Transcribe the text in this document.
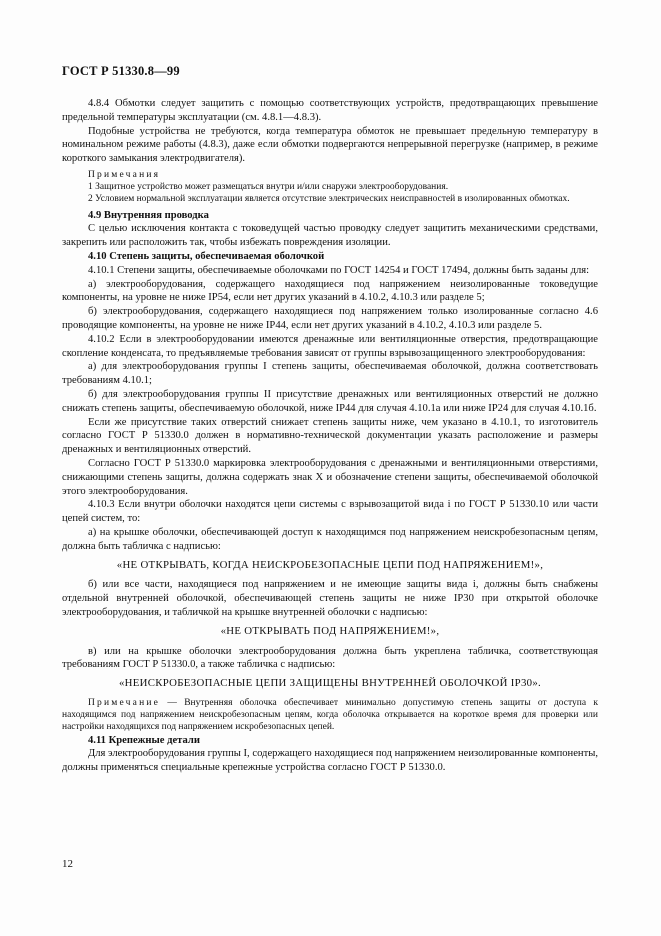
ГОСТ Р 51330.8—99

4.8.4 Обмотки следует защитить с помощью соответствующих устройств, предотвращающих превышение предельной температуры эксплуатации (см. 4.8.1—4.8.3).

Подобные устройства не требуются, когда температура обмоток не превышает предельную температуру в номинальном режиме работы (4.8.3), даже если обмотки подвергаются непрерывной перегрузке (например, в режиме короткого замыкания электродвигателя).

Примечания

1 Защитное устройство может размещаться внутри и/или снаружи электрооборудования.

2 Условием нормальной эксплуатации является отсутствие электрических неисправностей в изолированных обмотках.

4.9 Внутренняя проводка

С целью исключения контакта с токоведущей частью проводку следует защитить механическими средствами, закрепить или расположить так, чтобы избежать повреждения изоляции.

4.10 Степень защиты, обеспечиваемая оболочкой

4.10.1 Степени защиты, обеспечиваемые оболочками по ГОСТ 14254 и ГОСТ 17494, должны быть заданы для:

а) электрооборудования, содержащего находящиеся под напряжением неизолированные токоведущие компоненты, на уровне не ниже IP54, если нет других указаний в 4.10.2, 4.10.3 или разделе 5;

б) электрооборудования, содержащего находящиеся под напряжением только изолированные согласно 4.6 проводящие компоненты, на уровне не ниже IP44, если нет других указаний в 4.10.2, 4.10.3 или разделе 5.

4.10.2 Если в электрооборудовании имеются дренажные или вентиляционные отверстия, предотвращающие скопление конденсата, то предъявляемые требования зависят от группы взрывозащищенного электрооборудования:

а) для электрооборудования группы I степень защиты, обеспечиваемая оболочкой, должна соответствовать требованиям 4.10.1;

б) для электрооборудования группы II присутствие дренажных или вентиляционных отверстий не должно снижать степень защиты, обеспечиваемую оболочкой, ниже IP44 для случая 4.10.1а или ниже IP24 для случая 4.10.1б.

Если же присутствие таких отверстий снижает степень защиты ниже, чем указано в 4.10.1, то изготовитель согласно ГОСТ Р 51330.0 должен в нормативно-технической документации указать расположение и размеры дренажных и вентиляционных отверстий.

Согласно ГОСТ Р 51330.0 маркировка электрооборудования с дренажными и вентиляционными отверстиями, снижающими степень защиты, должна содержать знак X и обозначение степени защиты, обеспечиваемой оболочкой этого электрооборудования.

4.10.3 Если внутри оболочки находятся цепи системы с взрывозащитой вида i по ГОСТ Р 51330.10 или части цепей систем, то:

а) на крышке оболочки, обеспечивающей доступ к находящимся под напряжением неискробезопасным цепям, должна быть табличка с надписью:

«НЕ ОТКРЫВАТЬ, КОГДА НЕИСКРОБЕЗОПАСНЫЕ ЦЕПИ ПОД НАПРЯЖЕНИЕМ!»,

б) или все части, находящиеся под напряжением и не имеющие защиты вида i, должны быть снабжены отдельной внутренней оболочкой, обеспечивающей степень защиты не ниже IP30 при открытой оболочке электрооборудования, и табличкой на крышке внутренней оболочки с надписью:

«НЕ ОТКРЫВАТЬ ПОД НАПРЯЖЕНИЕМ!»,

в) или на крышке оболочки электрооборудования должна быть укреплена табличка, соответствующая требованиям ГОСТ Р 51330.0, а также табличка с надписью:

«НЕИСКРОБЕЗОПАСНЫЕ ЦЕПИ ЗАЩИЩЕНЫ ВНУТРЕННЕЙ ОБОЛОЧКОЙ IP30».

Примечание — Внутренняя оболочка обеспечивает минимально допустимую степень защиты от доступа к находящимся под напряжением неискробезопасным цепям, когда оболочка открывается на короткое время для проверки или настройки находящихся под напряжением искробезопасных цепей.

4.11 Крепежные детали

Для электрооборудования группы I, содержащего находящиеся под напряжением неизолированные компоненты, должны применяться специальные крепежные устройства согласно ГОСТ Р 51330.0.

12
